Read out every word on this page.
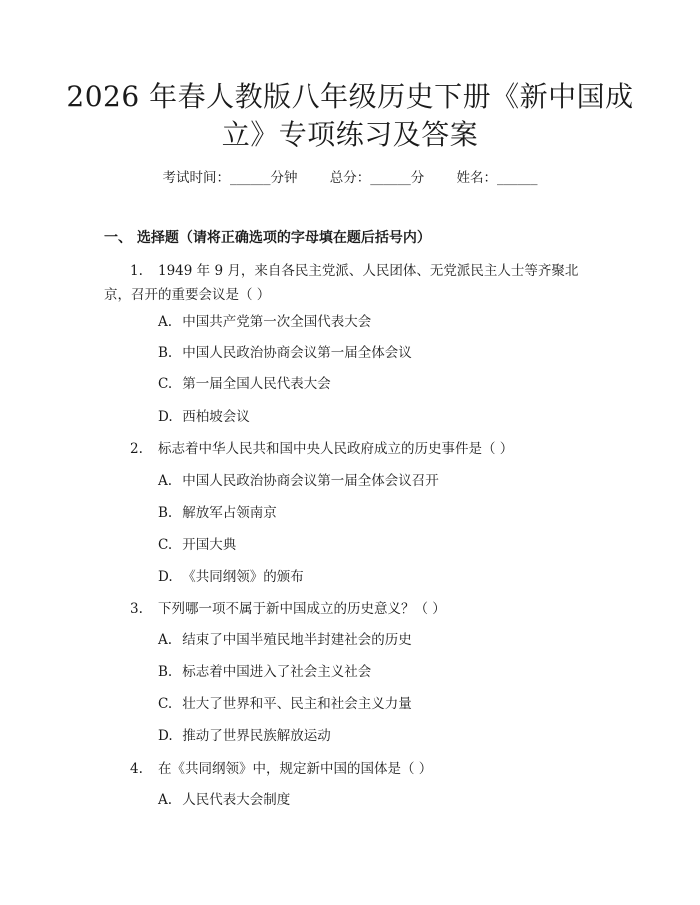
2026 年春人教版八年级历史下册《新中国成立》专项练习及答案
考试时间：______分钟 总分：______分 姓名：______
一、 选择题（请将正确选项的字母填在题后括号内）
1. 1949 年 9 月，来自各民主党派、人民团体、无党派民主人士等齐聚北京，召开的重要会议是（ ）
A. 中国共产党第一次全国代表大会
B. 中国人民政治协商会议第一届全体会议
C. 第一届全国人民代表大会
D. 西柏坡会议
2. 标志着中华人民共和国中央人民政府成立的历史事件是（ ）
A. 中国人民政治协商会议第一届全体会议召开
B. 解放军占领南京
C. 开国大典
D. 《共同纲领》的颁布
3. 下列哪一项不属于新中国成立的历史意义？（ ）
A. 结束了中国半殖民地半封建社会的历史
B. 标志着中国进入了社会主义社会
C. 壮大了世界和平、民主和社会主义力量
D. 推动了世界民族解放运动
4. 在《共同纲领》中，规定新中国的国体是（ ）
A. 人民代表大会制度
